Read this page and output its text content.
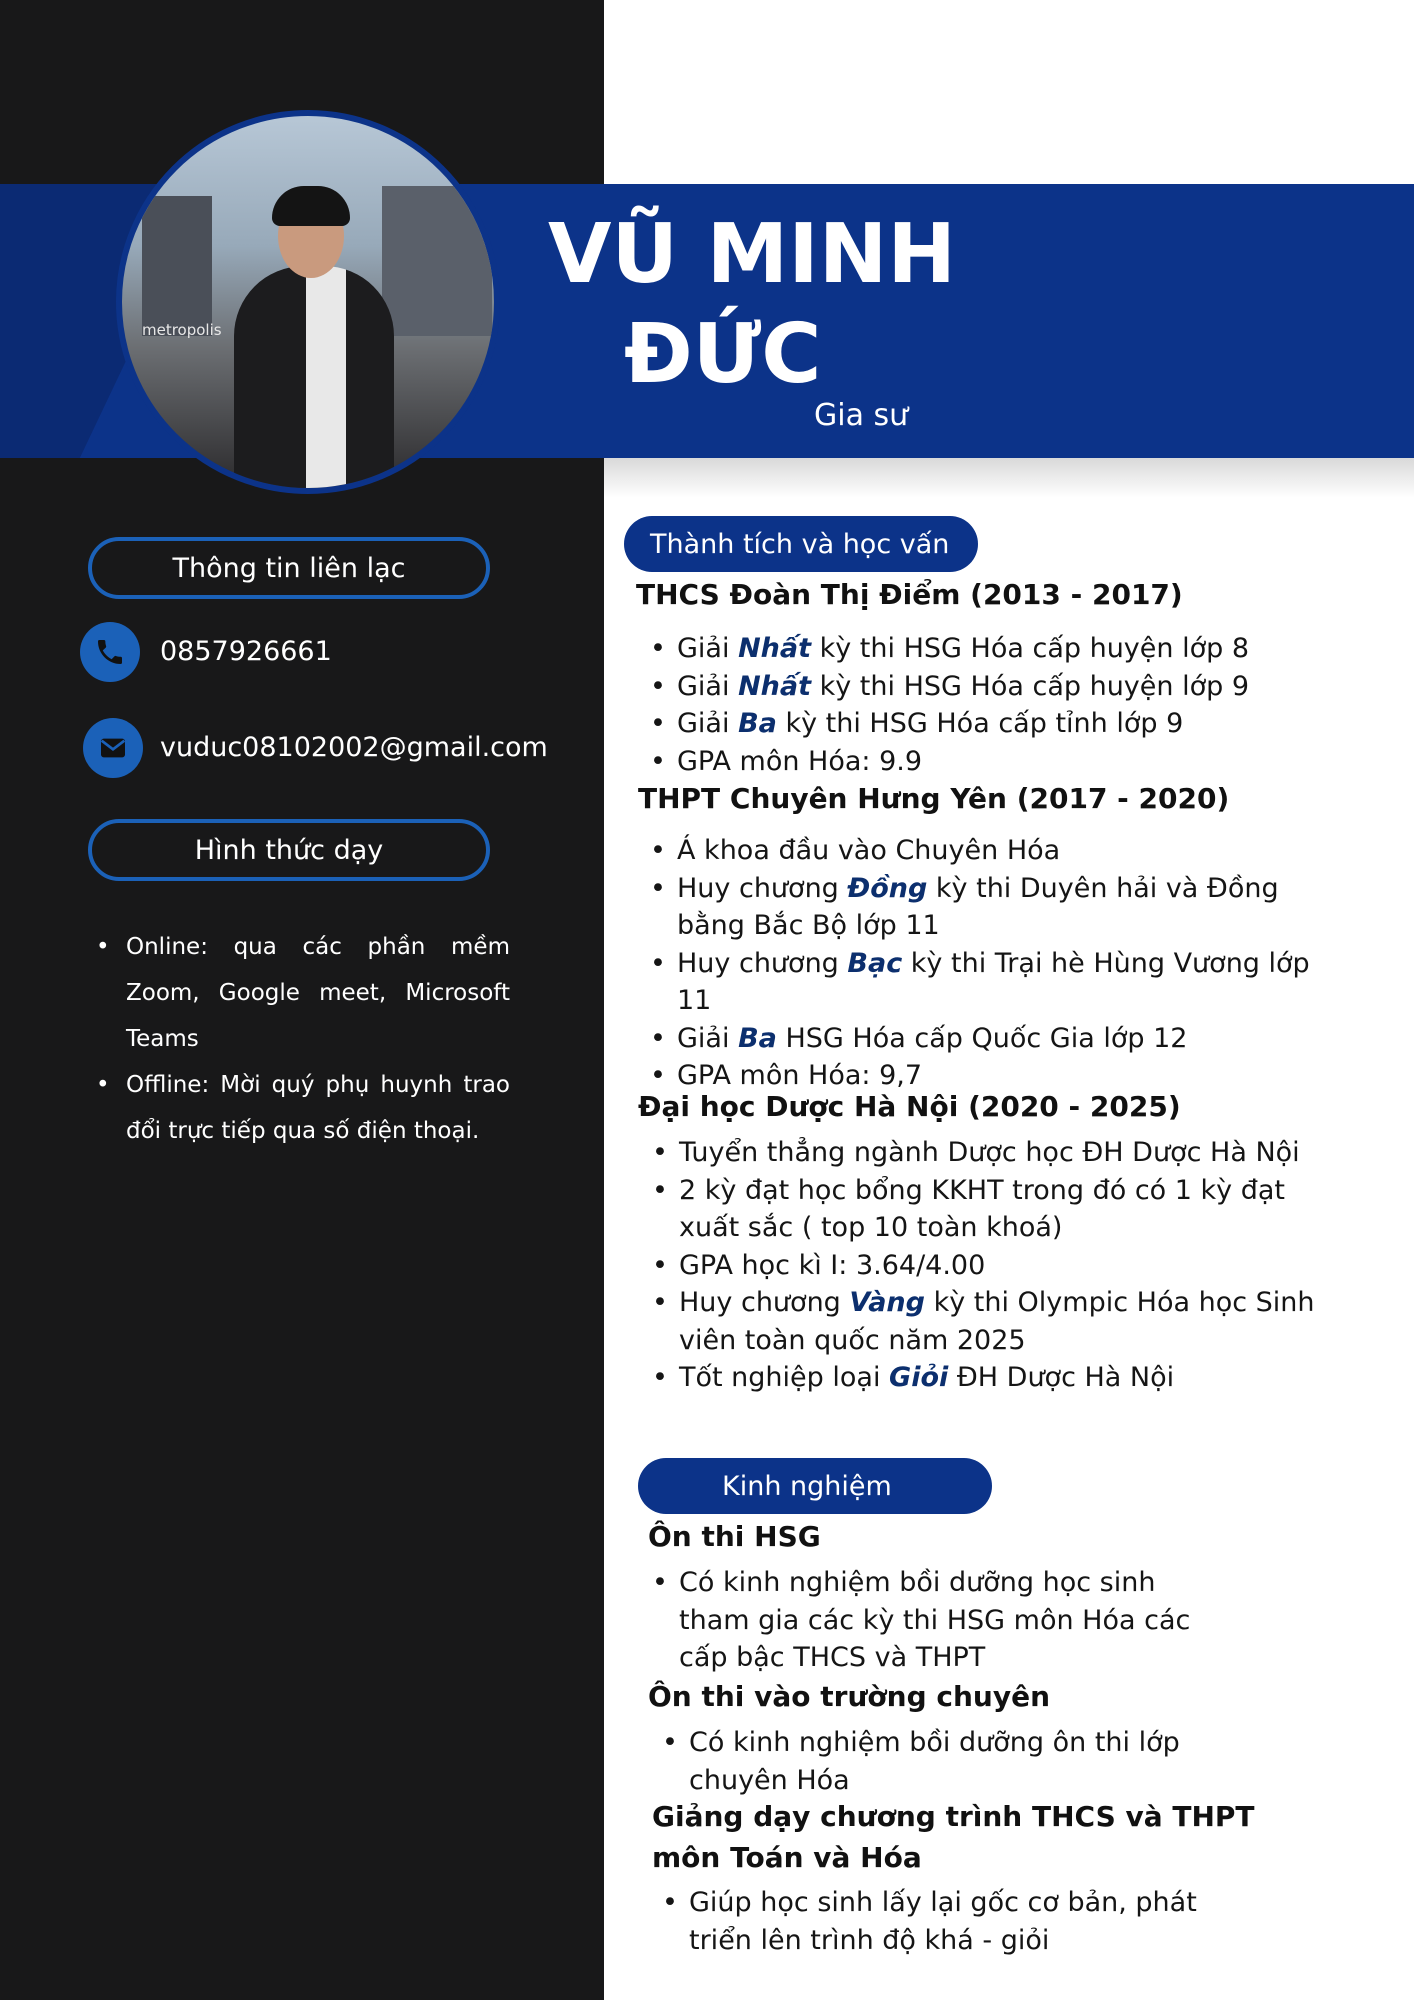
metropolis
VŨ MINH
ĐỨC
Gia sư
Thông tin liên lạc
0857926661
vuduc08102002@gmail.com
Hình thức dạy
• Online: qua các phần mềm Zoom, Google meet, Microsoft Teams
• Offline: Mời quý phụ huynh trao đổi trực tiếp qua số điện thoại.
Thành tích và học vấn
THCS Đoàn Thị Điểm (2013 - 2017)
• Giải Nhất kỳ thi HSG Hóa cấp huyện lớp 8
• Giải Nhất kỳ thi HSG Hóa cấp huyện lớp 9
• Giải Ba kỳ thi HSG Hóa cấp tỉnh lớp 9
• GPA môn Hóa: 9.9
THPT Chuyên Hưng Yên (2017 - 2020)
• Á khoa đầu vào Chuyên Hóa
• Huy chương Đồng kỳ thi Duyên hải và Đồng bằng Bắc Bộ lớp 11
• Huy chương Bạc kỳ thi Trại hè Hùng Vương lớp 11
• Giải Ba HSG Hóa cấp Quốc Gia lớp 12
• GPA môn Hóa: 9,7
Đại học Dược Hà Nội (2020 - 2025)
• Tuyển thẳng ngành Dược học ĐH Dược Hà Nội
• 2 kỳ đạt học bổng KKHT trong đó có 1 kỳ đạt xuất sắc ( top 10 toàn khoá)
• GPA học kì I: 3.64/4.00
• Huy chương Vàng kỳ thi Olympic Hóa học Sinh viên toàn quốc năm 2025
• Tốt nghiệp loại Giỏi ĐH Dược Hà Nội
Kinh nghiệm
Ôn thi HSG
• Có kinh nghiệm bồi dưỡng học sinh tham gia các kỳ thi HSG môn Hóa các cấp bậc THCS và THPT
Ôn thi vào trường chuyên
• Có kinh nghiệm bồi dưỡng ôn thi lớp chuyên Hóa
Giảng dạy chương trình THCS và THPT môn Toán và Hóa
• Giúp học sinh lấy lại gốc cơ bản, phát triển lên trình độ khá - giỏi
